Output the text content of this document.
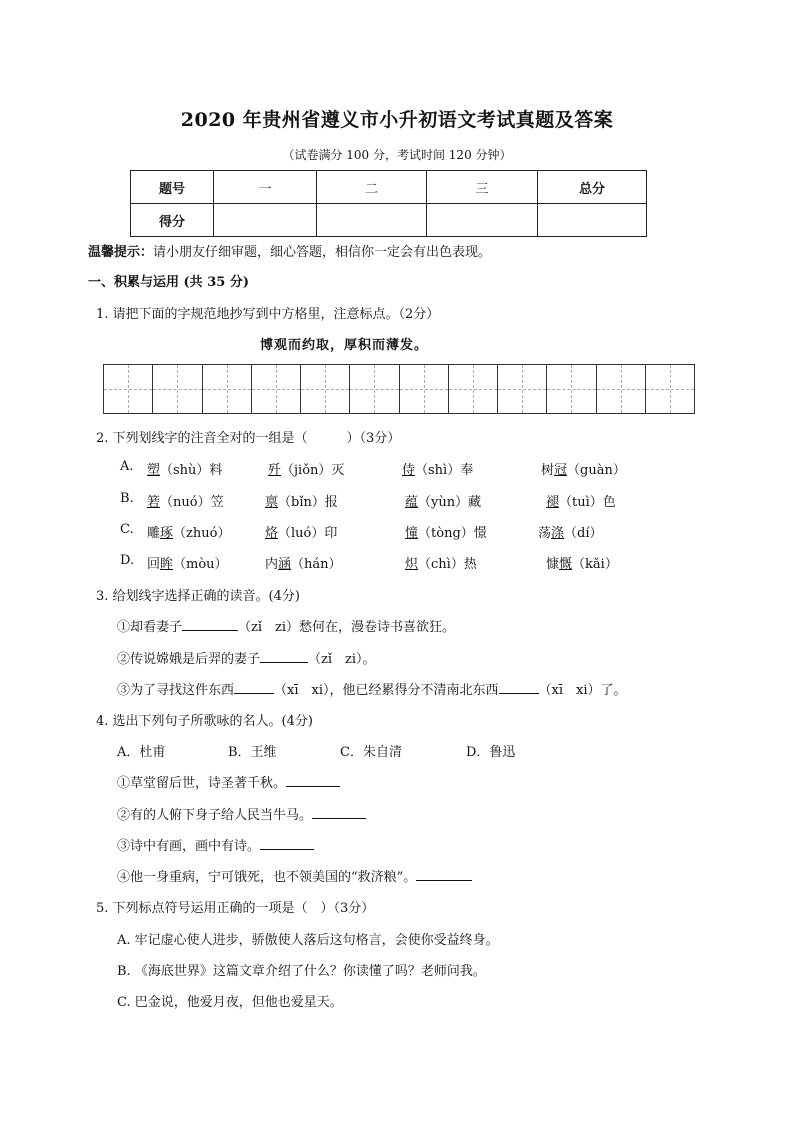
2020 年贵州省遵义市小升初语文考试真题及答案
（试卷满分 100 分，考试时间 120 分钟）
题号	一	二	三	总分
得分				
温馨提示：请小朋友仔细审题，细心答题，相信你一定会有出色表现。
一、积累与运用 (共 35 分)
1. 请把下面的字规范地抄写到中方格里，注意标点。（2分）
博观而约取，厚积而薄发。
2. 下列划线字的注音全对的一组是（　　　）（3分）
A. 塑（shù）料	歼（jiǒn）灭	侍（shì）奉	树冠（guàn）
B. 箬（nuó）笠	禀（bǐn）报	蕴（yùn）藏	褪（tuì）色
C. 雕琢（zhuó）	烙（luó）印	憧（tòng）憬	荡涤（dí）
D. 回眸（mòu）	内涵（hán）	炽（chì）热	慷慨（kǎi）
3. 给划线字选择正确的读音。(4分)
①却看妻子	（zǐ　zi）愁何在，漫卷诗书喜欲狂。
②传说嫦娥是后羿的妻子	（zǐ　zi）。
③为了寻找这件东西	（xī　xi），他已经累得分不清南北东西	（xī　xi）了。
4. 选出下列句子所歌咏的名人。(4分)
A．杜甫	B．王维	C．朱自清	D．鲁迅
①草堂留后世，诗圣著千秋。
②有的人俯下身子给人民当牛马。
③诗中有画，画中有诗。
④他一身重病，宁可饿死，也不领美国的“救济粮”。
5. 下列标点符号运用正确的一项是（　）（3分）
A. 牢记虚心使人进步，骄傲使人落后这句格言，会使你受益终身。
B. 《海底世界》这篇文章介绍了什么？你读懂了吗？老师问我。
C. 巴金说，他爱月夜，但他也爱星天。
